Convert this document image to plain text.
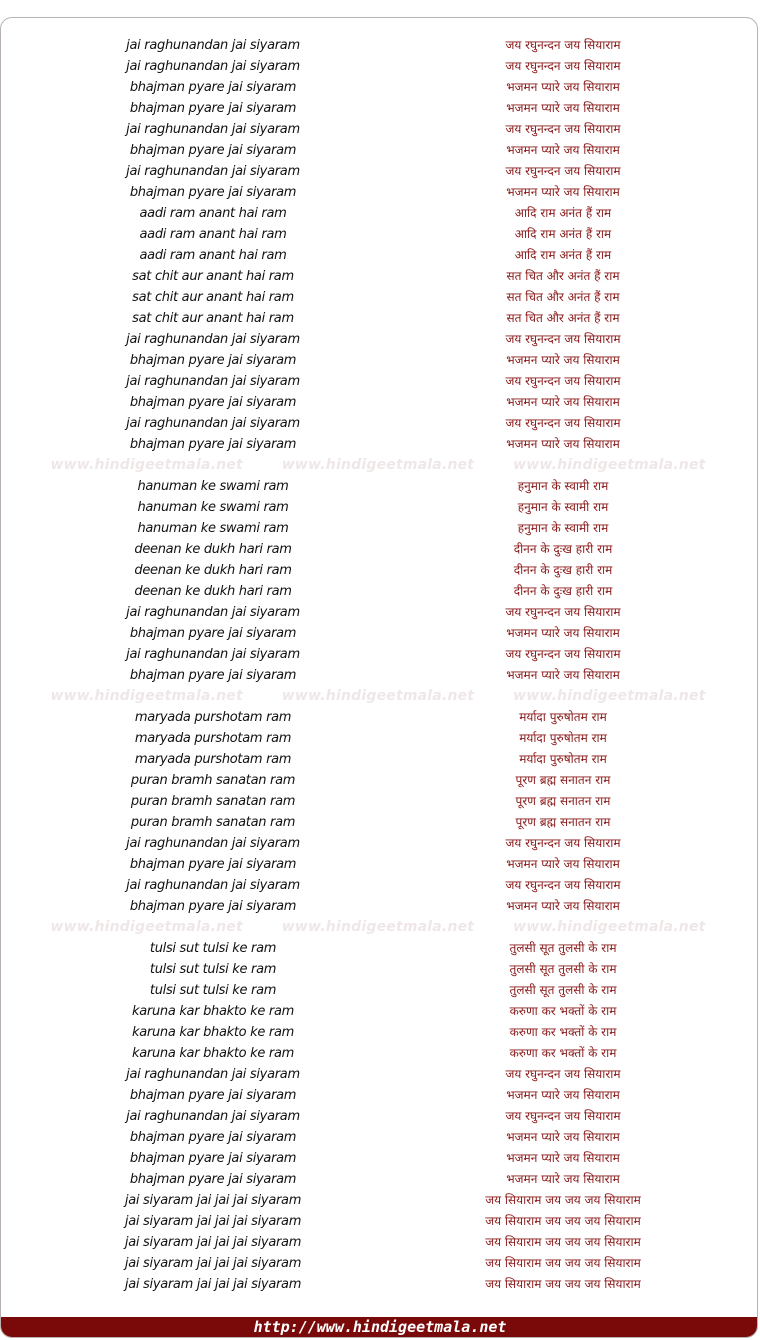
jai raghunandan jai siyaram	जय रघुनन्दन जय सियाराम
jai raghunandan jai siyaram	जय रघुनन्दन जय सियाराम
bhajman pyare jai siyaram	भजमन प्यारे जय सियाराम
bhajman pyare jai siyaram	भजमन प्यारे जय सियाराम
jai raghunandan jai siyaram	जय रघुनन्दन जय सियाराम
bhajman pyare jai siyaram	भजमन प्यारे जय सियाराम
jai raghunandan jai siyaram	जय रघुनन्दन जय सियाराम
bhajman pyare jai siyaram	भजमन प्यारे जय सियाराम
aadi ram anant hai ram	आदि राम अनंत हैं राम
aadi ram anant hai ram	आदि राम अनंत हैं राम
aadi ram anant hai ram	आदि राम अनंत हैं राम
sat chit aur anant hai ram	सत चित और अनंत हैं राम
sat chit aur anant hai ram	सत चित और अनंत हैं राम
sat chit aur anant hai ram	सत चित और अनंत हैं राम
jai raghunandan jai siyaram	जय रघुनन्दन जय सियाराम
bhajman pyare jai siyaram	भजमन प्यारे जय सियाराम
jai raghunandan jai siyaram	जय रघुनन्दन जय सियाराम
bhajman pyare jai siyaram	भजमन प्यारे जय सियाराम
jai raghunandan jai siyaram	जय रघुनन्दन जय सियाराम
bhajman pyare jai siyaram	भजमन प्यारे जय सियाराम
www.hindigeetmala.net	www.hindigeetmala.net	www.hindigeetmala.net
hanuman ke swami ram	हनुमान के स्वामी राम
hanuman ke swami ram	हनुमान के स्वामी राम
hanuman ke swami ram	हनुमान के स्वामी राम
deenan ke dukh hari ram	दीनन के दुःख हारी राम
deenan ke dukh hari ram	दीनन के दुःख हारी राम
deenan ke dukh hari ram	दीनन के दुःख हारी राम
jai raghunandan jai siyaram	जय रघुनन्दन जय सियाराम
bhajman pyare jai siyaram	भजमन प्यारे जय सियाराम
jai raghunandan jai siyaram	जय रघुनन्दन जय सियाराम
bhajman pyare jai siyaram	भजमन प्यारे जय सियाराम
www.hindigeetmala.net	www.hindigeetmala.net	www.hindigeetmala.net
maryada purshotam ram	मर्यादा पुरुषोतम राम
maryada purshotam ram	मर्यादा पुरुषोतम राम
maryada purshotam ram	मर्यादा पुरुषोतम राम
puran bramh sanatan ram	पूरण ब्रह्म सनातन राम
puran bramh sanatan ram	पूरण ब्रह्म सनातन राम
puran bramh sanatan ram	पूरण ब्रह्म सनातन राम
jai raghunandan jai siyaram	जय रघुनन्दन जय सियाराम
bhajman pyare jai siyaram	भजमन प्यारे जय सियाराम
jai raghunandan jai siyaram	जय रघुनन्दन जय सियाराम
bhajman pyare jai siyaram	भजमन प्यारे जय सियाराम
www.hindigeetmala.net	www.hindigeetmala.net	www.hindigeetmala.net
tulsi sut tulsi ke ram	तुलसी सूत तुलसी के राम
tulsi sut tulsi ke ram	तुलसी सूत तुलसी के राम
tulsi sut tulsi ke ram	तुलसी सूत तुलसी के राम
karuna kar bhakto ke ram	करुणा कर भक्तों के राम
karuna kar bhakto ke ram	करुणा कर भक्तों के राम
karuna kar bhakto ke ram	करुणा कर भक्तों के राम
jai raghunandan jai siyaram	जय रघुनन्दन जय सियाराम
bhajman pyare jai siyaram	भजमन प्यारे जय सियाराम
jai raghunandan jai siyaram	जय रघुनन्दन जय सियाराम
bhajman pyare jai siyaram	भजमन प्यारे जय सियाराम
bhajman pyare jai siyaram	भजमन प्यारे जय सियाराम
bhajman pyare jai siyaram	भजमन प्यारे जय सियाराम
jai siyaram jai jai jai siyaram	जय सियाराम जय जय जय सियाराम
jai siyaram jai jai jai siyaram	जय सियाराम जय जय जय सियाराम
jai siyaram jai jai jai siyaram	जय सियाराम जय जय जय सियाराम
jai siyaram jai jai jai siyaram	जय सियाराम जय जय जय सियाराम
jai siyaram jai jai jai siyaram	जय सियाराम जय जय जय सियाराम
http://www.hindigeetmala.net
